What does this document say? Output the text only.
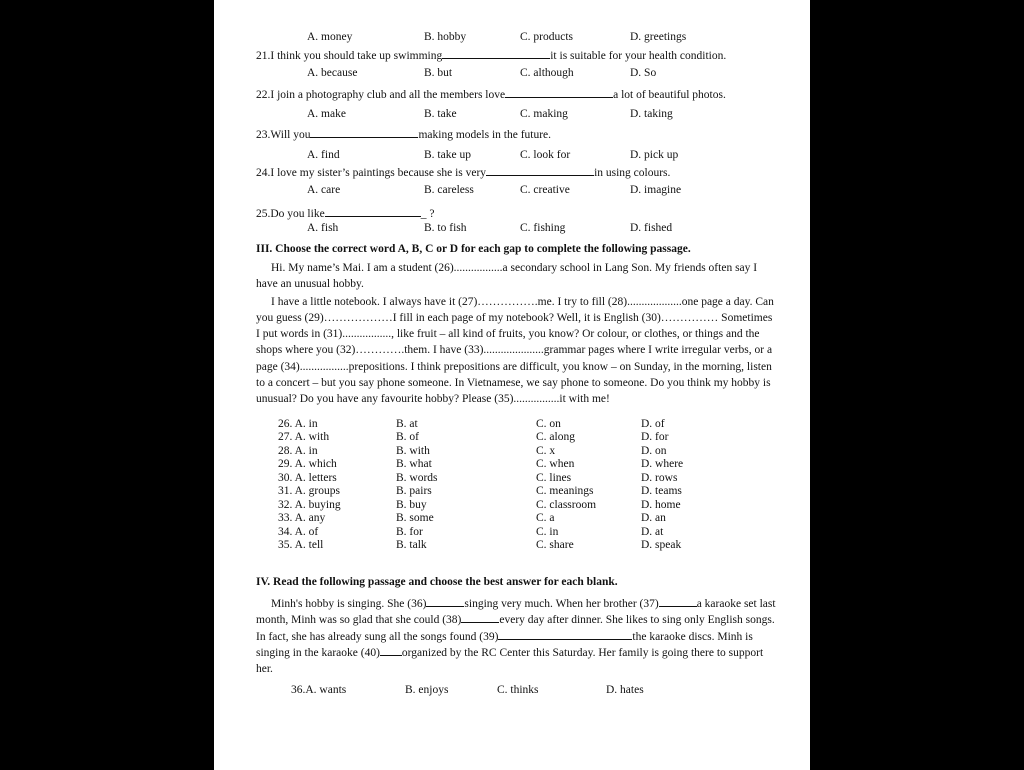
A. money	B. hobby	C. products	D. greetings
21.I think you should take up swimming	it is suitable for your health condition.
A. because	B. but	C. although	D. So
22.I join a photography club and all the members love	a lot of beautiful photos.
A. make	B. take	C. making	D. taking
23.Will you	making models in the future.
A. find	B. take up	C. look for	D. pick up
24.I love my sister’s paintings because she is very	in using colours.
A. care	B. careless	C. creative	D. imagine
25.Do you like	_ ?
A. fish	B. to fish	C. fishing	D. fished
III. Choose the correct word A, B, C or D for each gap to complete the following passage.

Hi. My name’s Mai. I am a student (26).................a secondary school in Lang Son. My friends often say I have an unusual hobby.

I have a little notebook. I always have it (27)…………….me. I try to fill (28)...................one page a day. Can you guess (29)………………I fill in each page of my notebook? Well, it is English (30)…………… Sometimes I put words in (31)................., like fruit – all kind of fruits, you know? Or colour, or clothes, or things and the shops where you (32)………….them. I have (33).....................grammar pages where I write irregular verbs, or a page (34).................prepositions. I think prepositions are difficult, you know – on Sunday, in the morning, listen to a concert – but you say phone someone. In Vietnamese, we say phone to someone. Do you think my hobby is unusual? Do you have any favourite hobby? Please (35)................it with me!

26. A. in	B. at	C. on	D. of
27. A. with	B. of	C. along	D. for
28. A. in	B. with	C. x	D. on
29. A. which	B. what	C. when	D. where
30. A. letters	B. words	C. lines	D. rows
31. A. groups	B. pairs	C. meanings	D. teams
32. A. buying	B. buy	C. classroom	D. home
33. A. any	B. some	C. a	D. an
34. A. of	B. for	C. in	D. at
35. A. tell	B. talk	C. share	D. speak
IV. Read the following passage and choose the best answer for each blank.
Minh's hobby is singing. She (36)	singing very much. When her brother (37)	a karaoke set last month, Minh was so glad that she could (38)	every day after dinner. She likes to sing only English songs. In fact, she has already sung all the songs found (39)	the karaoke discs. Minh is singing in the karaoke (40) organized by the RC Center this Saturday. Her family is going there to support her.
36.A. wants	B. enjoys	C. thinks	D. hates
